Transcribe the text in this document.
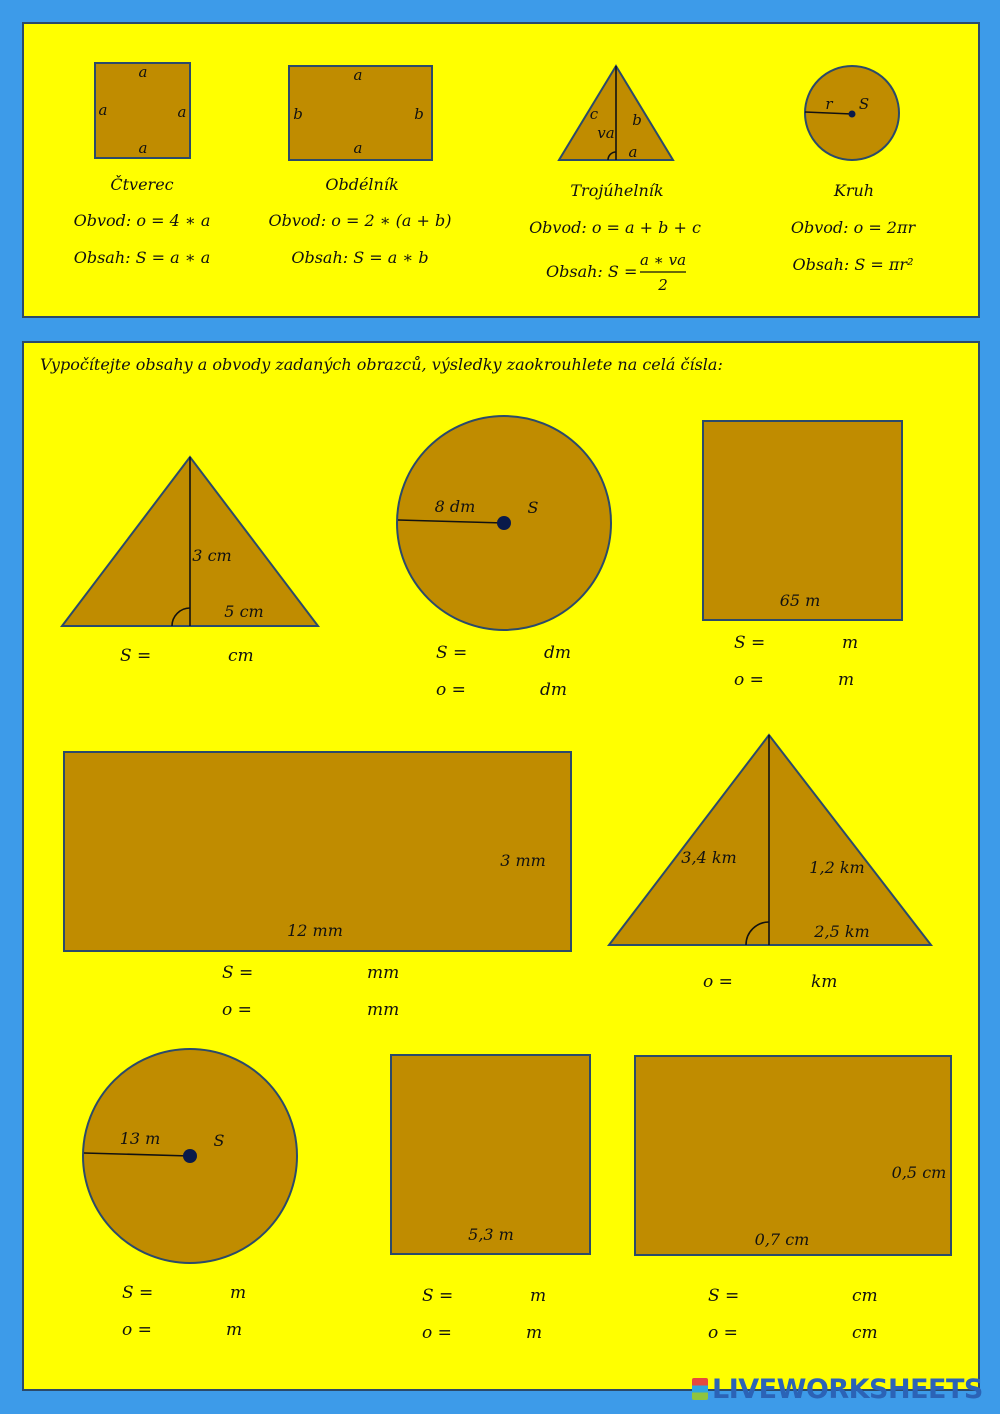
a
a
a	a
Čtverec
Obvod: o = 4 ∗ a
Obsah: S = a ∗ a
a
a
b	b
Obdélník
Obvod: o = 2 ∗ (a + b)
Obsah: S = a ∗ b
c b
va
a
Trojúhelník
Obvod: o = a + b + c
Obsah: S =
a ∗ va
2
r S
Kruh
Obvod: o = 2πr
Obsah: S = πr²
3 cm
5 cm
8 dm	S
65 m
12 mm
3 mm	3,4 km
1,2 km
2,5 km
13 m	S
5,3 m	0,7 cm
0,5 cm
Vypočítejte obsahy a obvody zadaných obrazců, výsledky zaokrouhlete na celá čísla:
S =	cm	S =	dm
o =	dm
S =	m
o =	m
S =	mm
o =	mm
o =	km
S =	m
o =	m
S =	m
o =	m
S =	cm
o =	cm
LIVEWORKSHEETS
